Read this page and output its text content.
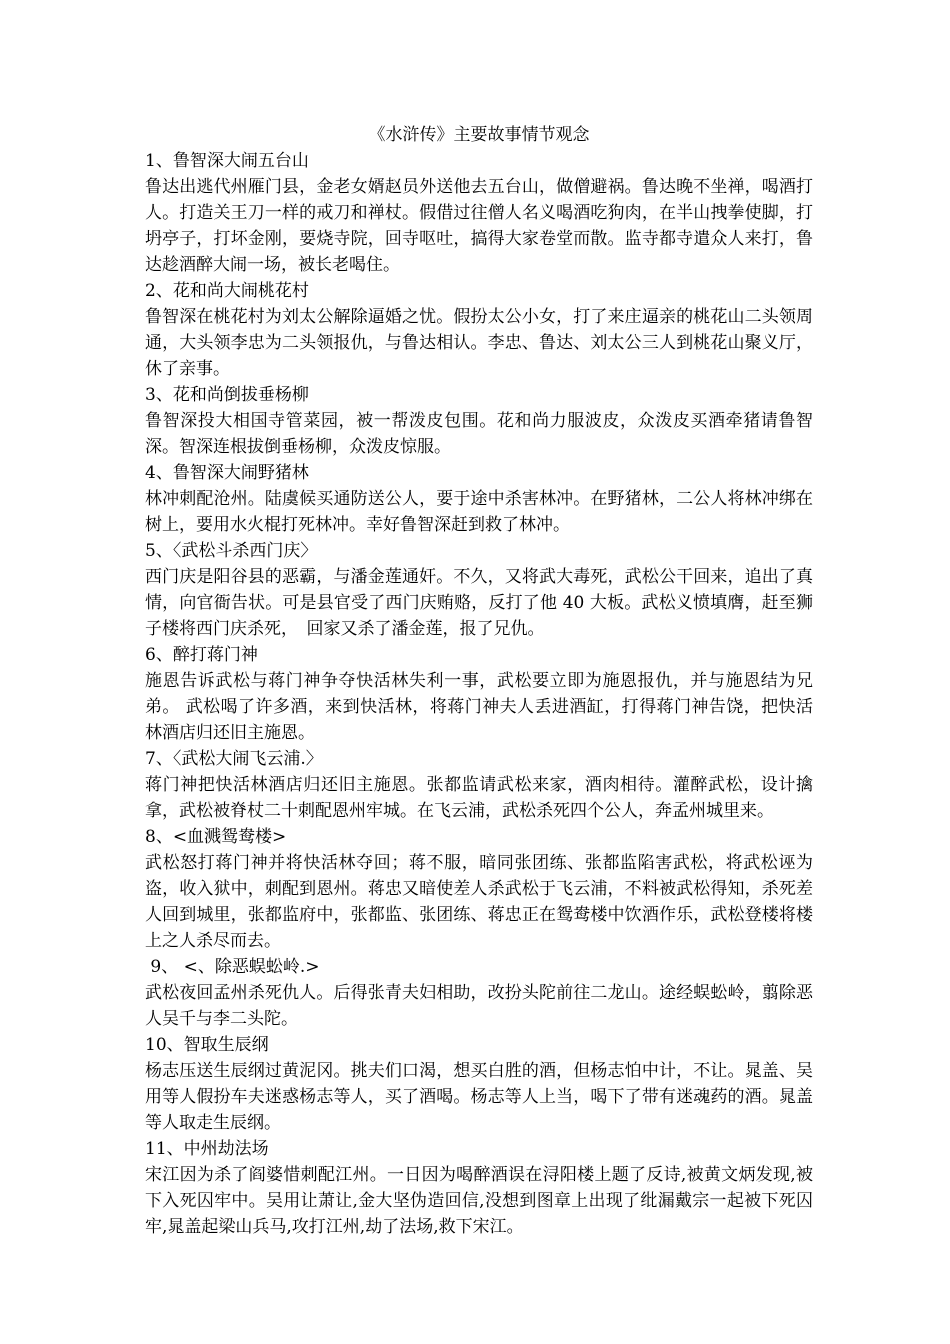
《水浒传》主要故事情节观念

1、鲁智深大闹五台山

鲁达出逃代州雁门县，金老女婿赵员外送他去五台山，做僧避祸。鲁达晚不坐禅，喝酒打人。打造关王刀一样的戒刀和禅杖。假借过往僧人名义喝酒吃狗肉，在半山拽拳使脚，打坍亭子，打坏金刚，要烧寺院，回寺呕吐，搞得大家卷堂而散。监寺都寺遣众人来打，鲁达趁酒醉大闹一场，被长老喝住。

2、花和尚大闹桃花村

鲁智深在桃花村为刘太公解除逼婚之忧。假扮太公小女，打了来庄逼亲的桃花山二头领周通，大头领李忠为二头领报仇，与鲁达相认。李忠、鲁达、刘太公三人到桃花山聚义厅，休了亲事。

3、花和尚倒拔垂杨柳

鲁智深投大相国寺管菜园，被一帮泼皮包围。花和尚力服波皮，众泼皮买酒牵猪请鲁智深。智深连根拔倒垂杨柳，众泼皮惊服。

4、鲁智深大闹野猪林

林冲刺配沧州。陆虞候买通防送公人，要于途中杀害林冲。在野猪林，二公人将林冲绑在树上，要用水火棍打死林冲。幸好鲁智深赶到救了林冲。

5、〈武松斗杀西门庆〉

西门庆是阳谷县的恶霸，与潘金莲通奸。不久，又将武大毒死，武松公干回来，追出了真情，向官衙告状。可是县官受了西门庆贿赂，反打了他 40 大板。武松义愤填膺，赶至狮子楼将西门庆杀死，　回家又杀了潘金莲，报了兄仇。

6、醉打蒋门神

施恩告诉武松与蒋门神争夺快活林失利一事，武松要立即为施恩报仇，并与施恩结为兄弟。 武松喝了许多酒，来到快活林，将蒋门神夫人丢进酒缸，打得蒋门神告饶，把快活林酒店归还旧主施恩。

7、〈武松大闹飞云浦.〉

蒋门神把快活林酒店归还旧主施恩。张都监请武松来家，酒肉相待。灌醉武松，设计擒拿，武松被脊杖二十刺配恩州牢城。在飞云浦，武松杀死四个公人，奔孟州城里来。

8、<血溅鸳鸯楼>

武松怒打蒋门神并将快活林夺回；蒋不服，暗同张团练、张都监陷害武松，将武松诬为盗，收入狱中，刺配到恩州。蒋忠又暗使差人杀武松于飞云浦，不料被武松得知，杀死差人回到城里，张都监府中，张都监、张团练、蒋忠正在鸳鸯楼中饮酒作乐，武松登楼将楼上之人杀尽而去。

9、 <、除恶蜈蚣岭.>

武松夜回孟州杀死仇人。后得张青夫妇相助，改扮头陀前往二龙山。途经蜈蚣岭，翦除恶人吴千与李二头陀。

10、智取生辰纲

杨志压送生辰纲过黄泥冈。挑夫们口渴，想买白胜的酒，但杨志怕中计，不让。晁盖、吴用等人假扮车夫迷惑杨志等人，买了酒喝。杨志等人上当，喝下了带有迷魂药的酒。晁盖等人取走生辰纲。

11、中州劫法场

宋江因为杀了阎婆惜刺配江州。一日因为喝醉酒误在浔阳楼上题了反诗,被黄文炳发现,被下入死囚牢中。吴用让萧让,金大坚伪造回信,没想到图章上出现了纰漏戴宗一起被下死囚牢,晁盖起梁山兵马,攻打江州,劫了法场,救下宋江。
